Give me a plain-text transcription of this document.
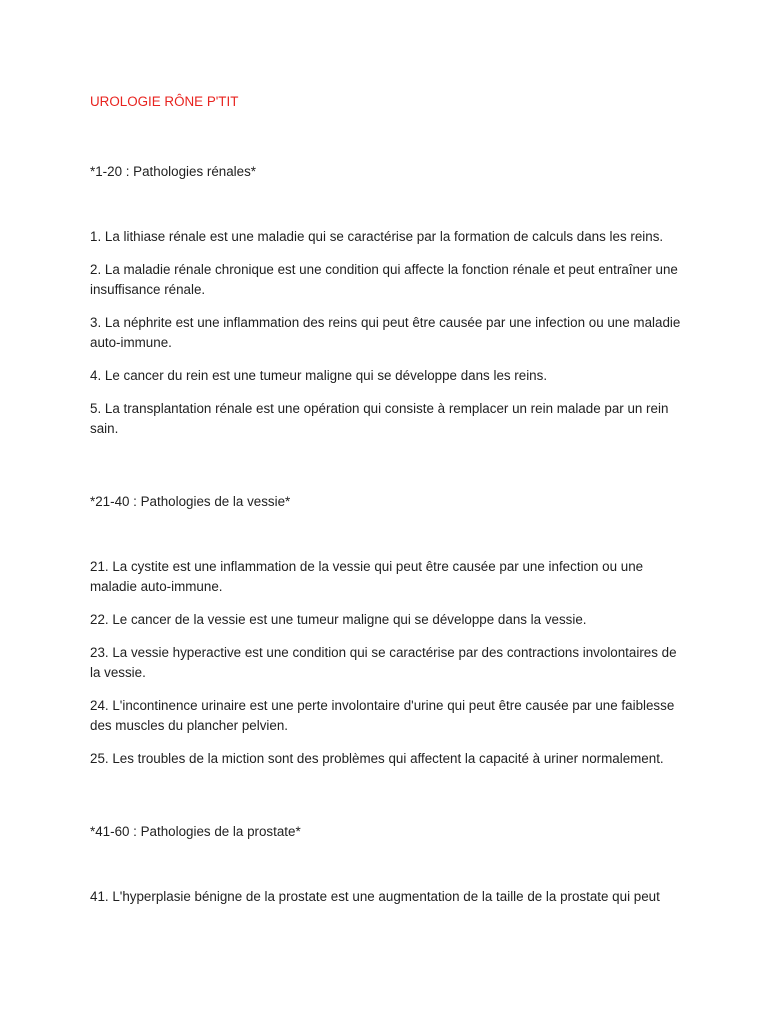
UROLOGIE RÔNE P'TIT

*1-20 : Pathologies rénales*

1. La lithiase rénale est une maladie qui se caractérise par la formation de calculs dans les reins.

2. La maladie rénale chronique est une condition qui affecte la fonction rénale et peut entraîner une insuffisance rénale.

3. La néphrite est une inflammation des reins qui peut être causée par une infection ou une maladie auto-immune.

4. Le cancer du rein est une tumeur maligne qui se développe dans les reins.

5. La transplantation rénale est une opération qui consiste à remplacer un rein malade par un rein sain.

*21-40 : Pathologies de la vessie*

21. La cystite est une inflammation de la vessie qui peut être causée par une infection ou une maladie auto-immune.

22. Le cancer de la vessie est une tumeur maligne qui se développe dans la vessie.

23. La vessie hyperactive est une condition qui se caractérise par des contractions involontaires de la vessie.

24. L'incontinence urinaire est une perte involontaire d'urine qui peut être causée par une faiblesse des muscles du plancher pelvien.

25. Les troubles de la miction sont des problèmes qui affectent la capacité à uriner normalement.

*41-60 : Pathologies de la prostate*

41. L'hyperplasie bénigne de la prostate est une augmentation de la taille de la prostate qui peut
